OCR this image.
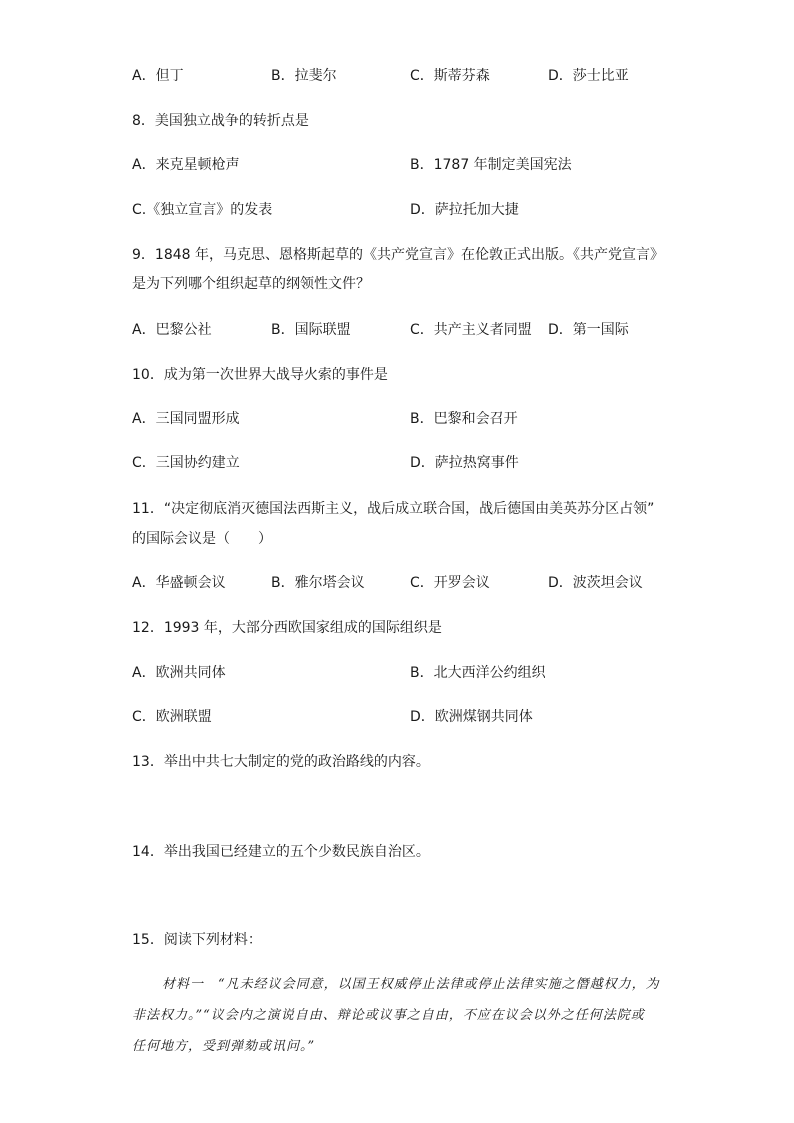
A．但丁	B．拉斐尔	C．斯蒂芬森	D．莎士比亚
8．美国独立战争的转折点是
A．来克星顿枪声	B．1787 年制定美国宪法
C.《独立宣言》的发表	D．萨拉托加大捷
9．1848 年，马克思、恩格斯起草的《共产党宣言》在伦敦正式出版。《共产党宣言》
是为下列哪个组织起草的纲领性文件？
A．巴黎公社	B．国际联盟	C．共产主义者同盟 D．第一国际
10．成为第一次世界大战导火索的事件是
A．三国同盟形成	B．巴黎和会召开
C．三国协约建立	D．萨拉热窝事件
11．“决定彻底消灭德国法西斯主义，战后成立联合国，战后德国由美英苏分区占领”
的国际会议是（　　）
A．华盛顿会议	B．雅尔塔会议	C．开罗会议	D．波茨坦会议
12．1993 年，大部分西欧国家组成的国际组织是
A．欧洲共同体	B．北大西洋公约组织
C．欧洲联盟	D．欧洲煤钢共同体
13．举出中共七大制定的党的政治路线的内容。
14．举出我国已经建立的五个少数民族自治区。
15．阅读下列材料：
材料一　“凡未经议会同意，以国王权威停止法律或停止法律实施之僭越权力，为
非法权力。”“议会内之演说自由、辩论或议事之自由，不应在议会以外之任何法院或
任何地方，受到弹劾或讯问。”
